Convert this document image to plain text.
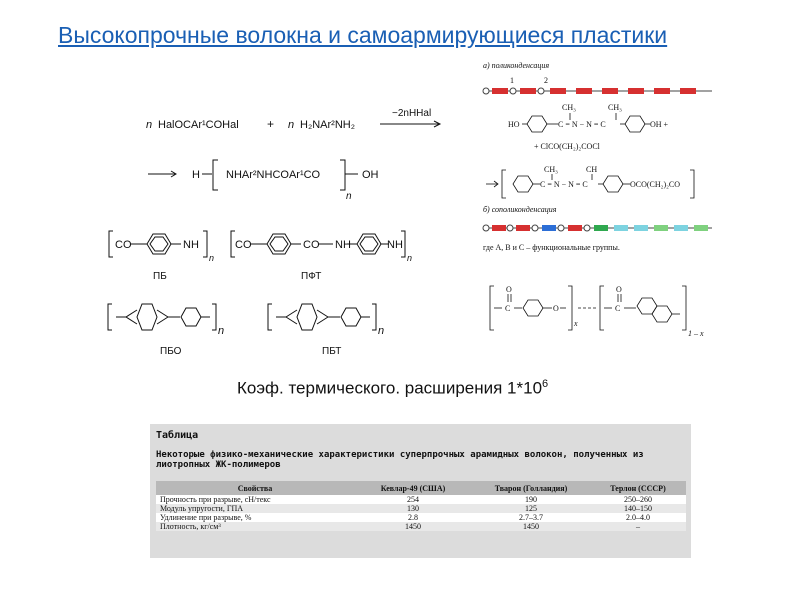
Высокопрочные волокна и самоармирующиеся пластики
n HalOCAr¹COHal + n H₂NAr²NH₂
−2nHHal
H NHAr²NHCOAr¹CO	OH
n
CO	NH
n
ПБ
CO	CO NH	NH
n
ПФТ
n
ПБО
n
ПБТ
а) поликонденсация
1	2
CH₃	CH₃
HO	C = N − N = C	OH +
+ ClCO(CH₂)₂COCl
CH₃	CH
C = N − N = C	OCO(CH₂)₂CO
б) сополиконденсация
где А, В и С – функциональные группы.
O
C	O
x
O
C
1 – x
Коэф. термического. расширения $1*10^6$
Таблица
Некоторые физико-механические характеристики суперпрочных арамидных волокон, полученных из лиотропных ЖК-полимеров
Свойства	Кевлар-49 (США)	Тварон (Голландия)	Терлон (СССР)
Прочность при разрыве, сН/текс	254	190	250–260
Модуль упругости, ГПА	130	125	140–150
Удлинение при разрыве, %	2.8	2.7–3.7	2.0–4.0
Плотность, кг/см³	1450	1450	–
